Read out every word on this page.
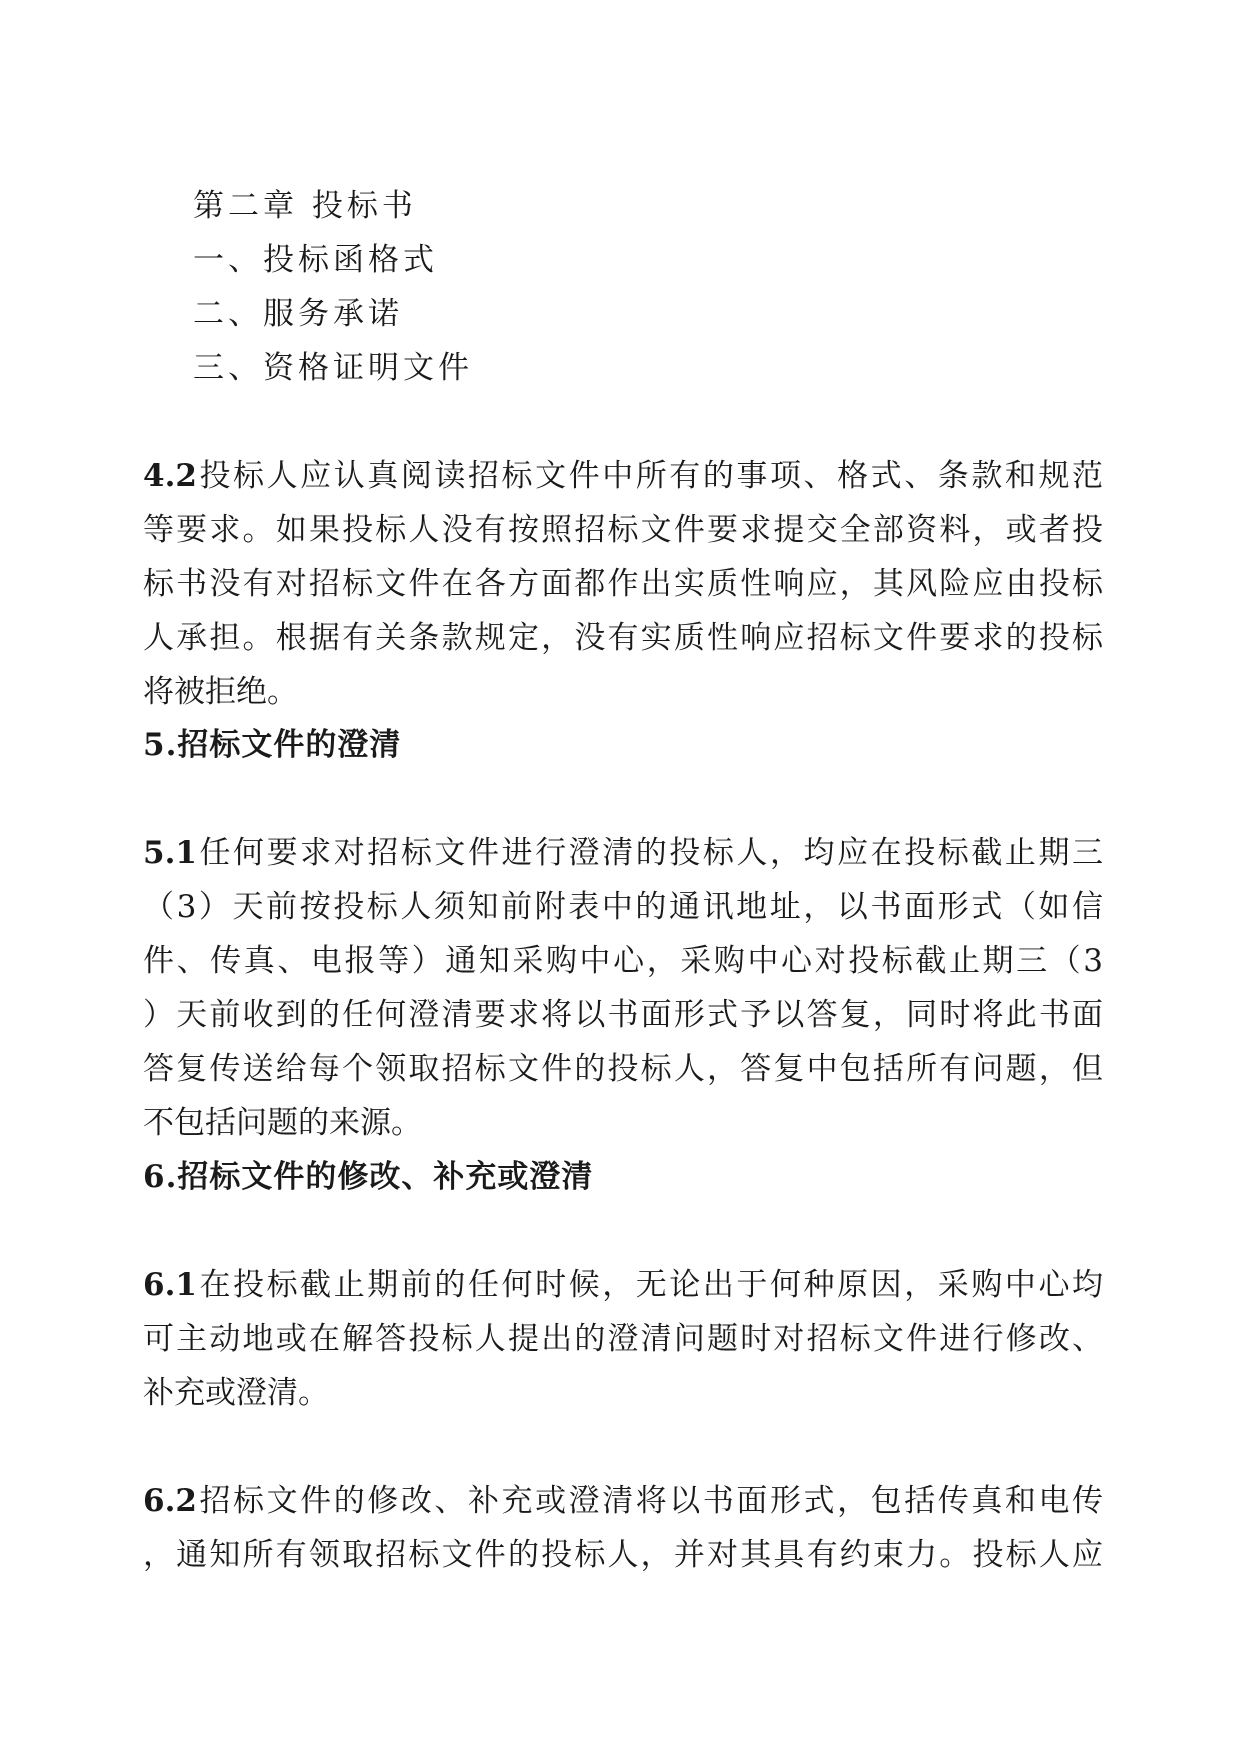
第二章 投标书
一、投标函格式
二、服务承诺
三、资格证明文件
4.2投标人应认真阅读招标文件中所有的事项、格式、条款和规范
等要求。如果投标人没有按照招标文件要求提交全部资料，或者投
标书没有对招标文件在各方面都作出实质性响应，其风险应由投标
人承担。根据有关条款规定，没有实质性响应招标文件要求的投标
将被拒绝。
5.招标文件的澄清
5.1任何要求对招标文件进行澄清的投标人，均应在投标截止期三
（3）天前按投标人须知前附表中的通讯地址，以书面形式（如信
件、传真、电报等）通知采购中心，采购中心对投标截止期三（3
）天前收到的任何澄清要求将以书面形式予以答复，同时将此书面
答复传送给每个领取招标文件的投标人，答复中包括所有问题，但
不包括问题的来源。
6.招标文件的修改、补充或澄清
6.1在投标截止期前的任何时候，无论出于何种原因，采购中心均
可主动地或在解答投标人提出的澄清问题时对招标文件进行修改、
补充或澄清。
6.2招标文件的修改、补充或澄清将以书面形式，包括传真和电传
，通知所有领取招标文件的投标人，并对其具有约束力。投标人应
